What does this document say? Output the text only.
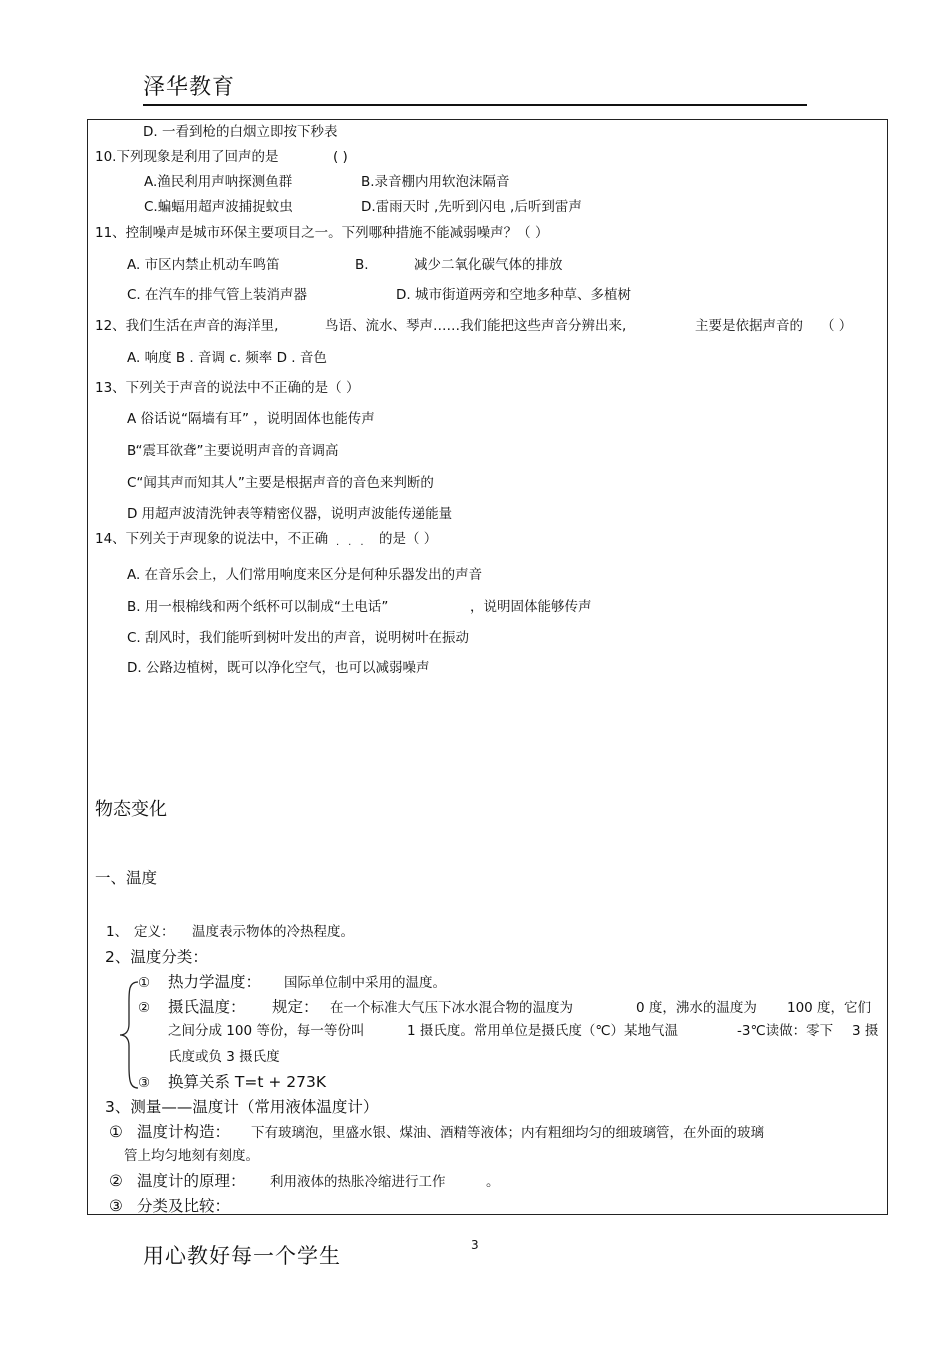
泽华教育
D. 一看到枪的白烟立即按下秒表
10.下列现象是利用了回声的是	( )
A.渔民利用声呐探测鱼群	B.录音棚内用软泡沫隔音
C.蝙蝠用超声波捕捉蚊虫	D.雷雨天时 ,先听到闪电 ,后听到雷声
11、控制噪声是城市环保主要项目之一。下列哪种措施不能减弱噪声？（ ）
A. 市区内禁止机动车鸣笛	B.	减少二氧化碳气体的排放
C. 在汽车的排气管上装消声器	D. 城市街道两旁和空地多种草、多植树
12、我们生活在声音的海洋里,	鸟语、流水、琴声……我们能把这些声音分辨出来,	主要是依据声音的 （ ）
A. 响度 B . 音调 c. 频率 D . 音色
13、下列关于声音的说法中不正确的是（ ）
A 俗话说“隔墙有耳” ，说明固体也能传声
B“震耳欲聋”主要说明声音的音调高
C“闻其声而知其人”主要是根据声音的音色来判断的
D 用超声波清洗钟表等精密仪器，说明声波能传递能量
14、下列关于声现象的说法中，不正确 ··· 的是（ ）
A. 在音乐会上，人们常用响度来区分是何种乐器发出的声音
B. 用一根棉线和两个纸杯可以制成“土电话”	，说明固体能够传声
C. 刮风时，我们能听到树叶发出的声音，说明树叶在振动
D. 公路边植树，既可以净化空气，也可以减弱噪声
物态变化
一、温度
1、 定义： 温度表示物体的冷热程度。
2、温度分类：
① 热力学温度： 国际单位制中采用的温度。
② 摄氏温度： 规定： 在一个标准大气压下冰水混合物的温度为	0 度，沸水的温度为 100 度，它们
之间分成 100 等份，每一等份叫	1 摄氏度。常用单位是摄氏度（℃）某地气温	-3℃读做：零下 3 摄
氏度或负 3 摄氏度
③ 换算关系 T=t + 273K
3、测量——温度计（常用液体温度计）
① 温度计构造： 下有玻璃泡，里盛水银、煤油、酒精等液体；内有粗细均匀的细玻璃管，在外面的玻璃
管上均匀地刻有刻度。
② 温度计的原理： 利用液体的热胀冷缩进行工作	。
③ 分类及比较：
用心教好每一个学生	3
